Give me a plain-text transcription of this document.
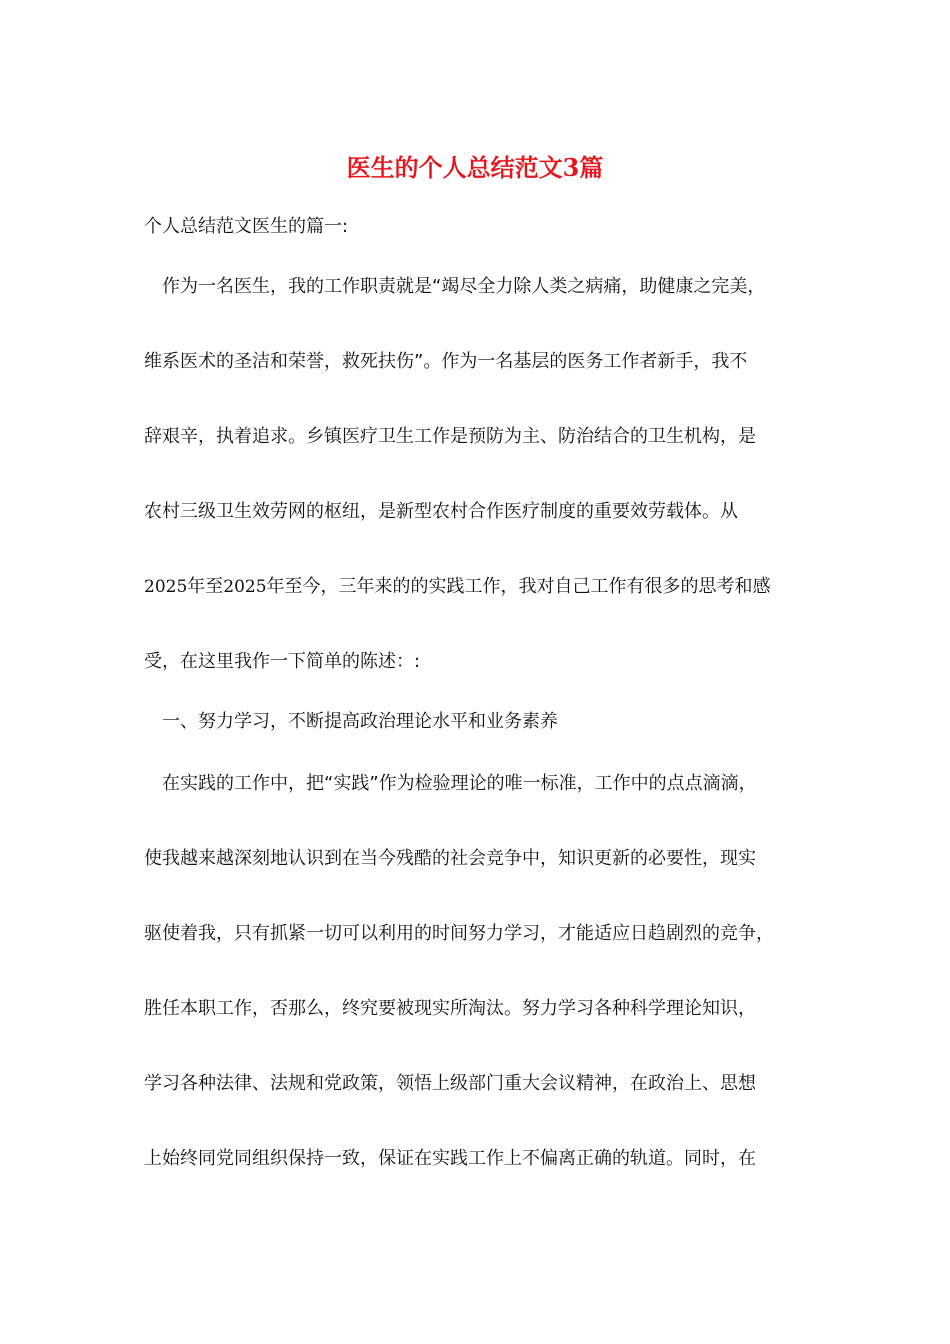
医生的个人总结范文3篇
个人总结范文医生的篇一:
作为一名医生，我的工作职责就是“竭尽全力除人类之病痛，助健康之完美，
维系医术的圣洁和荣誉，救死扶伤”。作为一名基层的医务工作者新手，我不
辞艰辛，执着追求。乡镇医疗卫生工作是预防为主、防治结合的卫生机构，是
农村三级卫生效劳网的枢纽，是新型农村合作医疗制度的重要效劳载体。从
2025年至2025年至今，三年来的的实践工作，我对自己工作有很多的思考和感
受，在这里我作一下简单的陈述：:
一、努力学习，不断提高政治理论水平和业务素养
在实践的工作中，把“实践”作为检验理论的唯一标准，工作中的点点滴滴，
使我越来越深刻地认识到在当今残酷的社会竞争中，知识更新的必要性，现实
驱使着我，只有抓紧一切可以利用的时间努力学习，才能适应日趋剧烈的竞争，
胜任本职工作，否那么，终究要被现实所淘汰。努力学习各种科学理论知识，
学习各种法律、法规和党政策，领悟上级部门重大会议精神，在政治上、思想
上始终同党同组织保持一致，保证在实践工作上不偏离正确的轨道。同时，在
